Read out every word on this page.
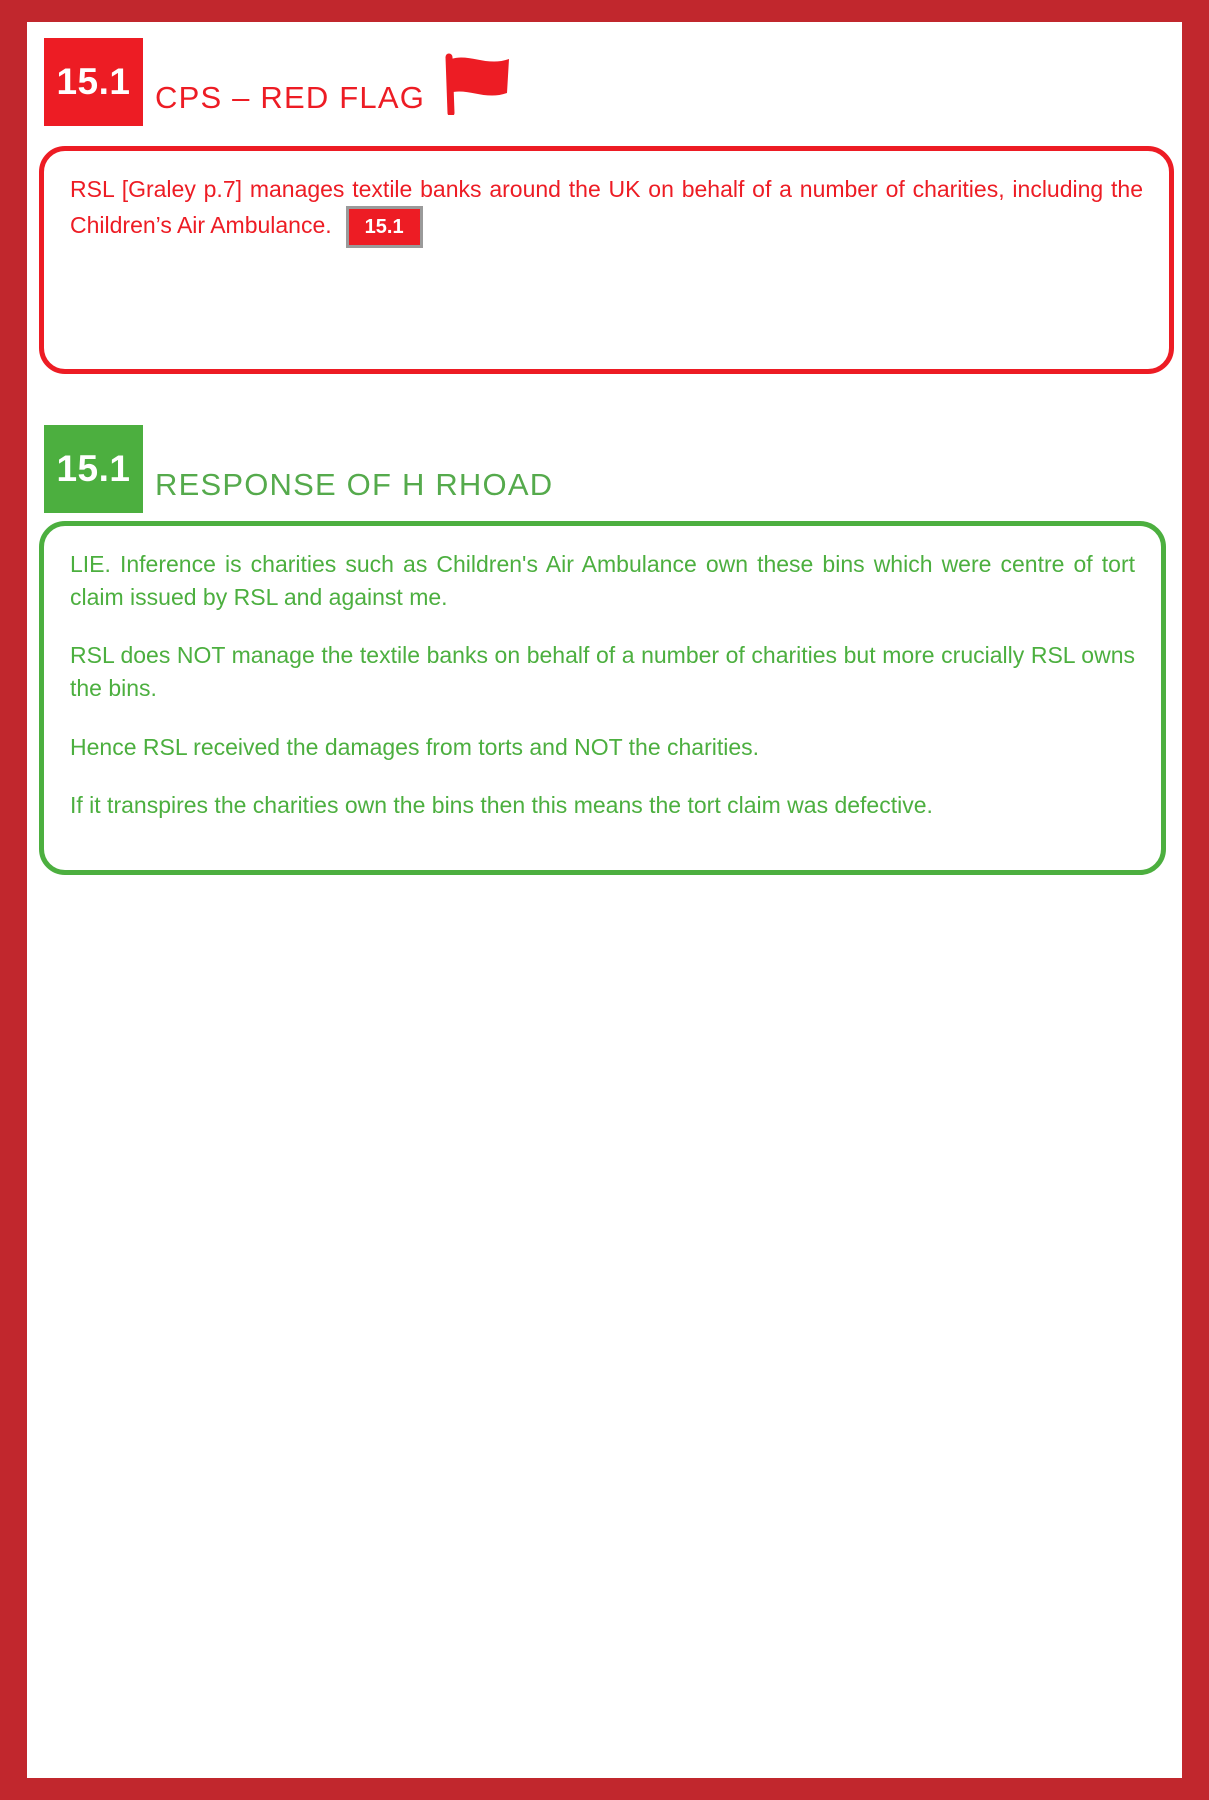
15.1 CPS – RED FLAG

RSL [Graley p.7] manages textile banks around the UK on behalf of a number of charities, including the Children’s Air Ambulance. 15.1

15.1 RESPONSE OF H RHOAD

LIE. Inference is charities such as Children's Air Ambulance own these bins which were centre of tort claim issued by RSL and against me.

RSL does NOT manage the textile banks on behalf of a number of charities but more crucially RSL owns the bins.

Hence RSL received the damages from torts and NOT the charities.

If it transpires the charities own the bins then this means the tort claim was defective.
